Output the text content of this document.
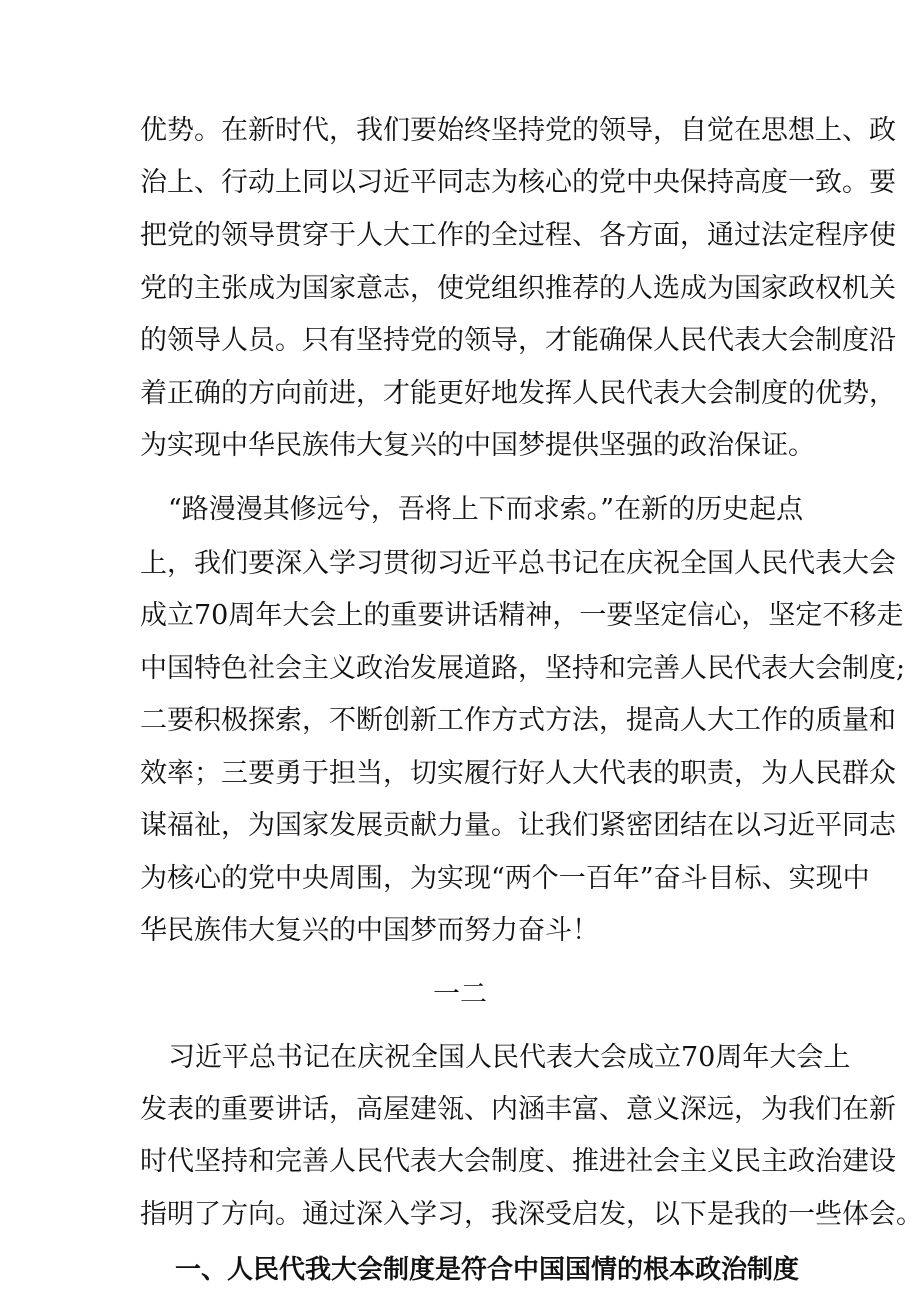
优势。在新时代，我们要始终坚持党的领导，自觉在思想上、政
治上、行动上同以习近平同志为核心的党中央保持高度一致。要
把党的领导贯穿于人大工作的全过程、各方面，通过法定程序使
党的主张成为国家意志，使党组织推荐的人选成为国家政权机关
的领导人员。只有坚持党的领导，才能确保人民代表大会制度沿
着正确的方向前进，才能更好地发挥人民代表大会制度的优势，
为实现中华民族伟大复兴的中国梦提供坚强的政治保证。
“路漫漫其修远兮，吾将上下而求索。”在新的历史起点
上，我们要深入学习贯彻习近平总书记在庆祝全国人民代表大会
成立70周年大会上的重要讲话精神，一要坚定信心，坚定不移走
中国特色社会主义政治发展道路，坚持和完善人民代表大会制度;
二要积极探索，不断创新工作方式方法，提高人大工作的质量和
效率；三要勇于担当，切实履行好人大代表的职责，为人民群众
谋福祉，为国家发展贡献力量。让我们紧密团结在以习近平同志
为核心的党中央周围，为实现“两个一百年”奋斗目标、实现中
华民族伟大复兴的中国梦而努力奋斗！
一二
习近平总书记在庆祝全国人民代表大会成立70周年大会上
发表的重要讲话，高屋建瓴、内涵丰富、意义深远，为我们在新
时代坚持和完善人民代表大会制度、推进社会主义民主政治建设
指明了方向。通过深入学习，我深受启发，以下是我的一些体会。
一、人民代我大会制度是符合中国国情的根本政治制度
